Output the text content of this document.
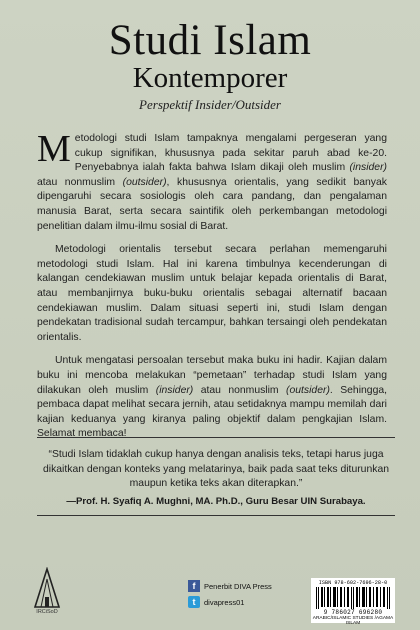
Studi Islam
Kontemporer
Perspektif Insider/Outsider

Metodologi studi Islam tampaknya mengalami pergeseran yang cukup signifikan, khususnya pada sekitar paruh abad ke-20. Penyebabnya ialah fakta bahwa Islam dikaji oleh muslim (insider) atau nonmuslim (outsider), khususnya orientalis, yang sedikit banyak dipengaruhi secara sosiologis oleh cara pandang, dan pengalaman manusia Barat, serta secara saintifik oleh perkembangan metodologi penelitian dalam ilmu-ilmu sosial di Barat.

Metodologi orientalis tersebut secara perlahan memengaruhi metodologi studi Islam. Hal ini karena timbulnya kecenderungan di kalangan cendekiawan muslim untuk belajar kepada orientalis di Barat, atau membanjirnya buku-buku orientalis sebagai alternatif bacaan cendekiawan muslim. Dalam situasi seperti ini, studi Islam dengan pendekatan tradisional sudah tercampur, bahkan tersaingi oleh pendekatan orientalis.

Untuk mengatasi persoalan tersebut maka buku ini hadir. Kajian dalam buku ini mencoba melakukan “pemetaan” terhadap studi Islam yang dilakukan oleh muslim (insider) atau nonmuslim (outsider). Sehingga, pembaca dapat melihat secara jernih, atau setidaknya mampu memilah dari kajian keduanya yang kiranya paling objektif dalam pengkajian Islam. Selamat membaca!

“Studi Islam tidaklah cukup hanya dengan analisis teks, tetapi harus juga dikaitkan dengan konteks yang melatarinya, baik pada saat teks diturunkan maupun ketika teks akan diterapkan.”
—Prof. H. Syafiq A. Mughni, MA. Ph.D., Guru Besar UIN Surabaya.
IRCiSoD
f	Penerbit DIVA Press
t	divapress01
ISBN 978-602-7696-28-0
9 786027 696280
ARABIC/ISLAMIC STUDIES /AGAMA ISLAM
